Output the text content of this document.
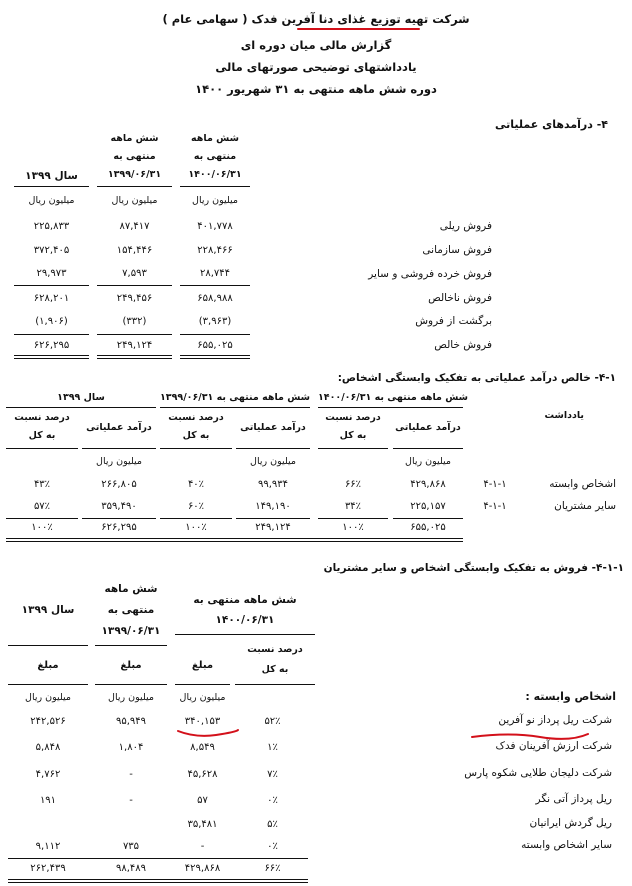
شرکت تهیه توزیع غذای دنا آفرین فدک ( سهامی عام )
گزارش مالی میان دوره ای
یادداشتهای توضیحی صورتهای مالی
دوره شش ماهه منتهی به ۳۱ شهریور ۱۴۰۰
۴- درآمدهای عملیاتی
شش ماهه
منتهی به
۱۴۰۰/۰۶/۳۱
شش ماهه
منتهی به
۱۳۹۹/۰۶/۳۱
سال ۱۳۹۹
میلیون ریال
میلیون ریال
میلیون ریال
فروش ریلی
۴۰۱,۷۷۸
۸۷,۴۱۷
۲۲۵,۸۳۳
فروش سازمانی
۲۲۸,۴۶۶
۱۵۴,۴۴۶
۳۷۲,۴۰۵
فروش خرده فروشی و سایر
۲۸,۷۴۴
۷,۵۹۳
۲۹,۹۷۳
فروش ناخالص
۶۵۸,۹۸۸
۲۴۹,۴۵۶
۶۲۸,۲۰۱
برگشت از فروش
(۳,۹۶۳)
(۳۳۲)
(۱,۹۰۶)
فروش خالص
۶۵۵,۰۲۵
۲۴۹,۱۲۴
۶۲۶,۲۹۵
۴-۱- خالص درآمد عملیاتی به تفکیک وابستگی اشخاص:
شش ماهه منتهی به ۱۴۰۰/۰۶/۳۱
شش ماهه منتهی به ۱۳۹۹/۰۶/۳۱
سال ۱۳۹۹
یادداشت
درآمد عملیاتی
درصد نسبت
به کل
درآمد عملیاتی
درصد نسبت
به کل
درآمد عملیاتی
درصد نسبت
به کل
میلیون ریال
میلیون ریال
میلیون ریال
اشخاص وابسته
۴-۱-۱
۴۲۹,۸۶۸
۶۶٪
۹۹,۹۳۴
۴۰٪
۲۶۶,۸۰۵
۴۳٪
سایر مشتریان
۴-۱-۱
۲۲۵,۱۵۷
۳۴٪
۱۴۹,۱۹۰
۶۰٪
۳۵۹,۴۹۰
۵۷٪
۶۵۵,۰۲۵
۱۰۰٪
۲۴۹,۱۲۴
۱۰۰٪
۶۲۶,۲۹۵
۱۰۰٪
۴-۱-۱- فروش به تفکیک وابستگی اشخاص و سایر مشتریان
شش ماهه منتهی به
۱۴۰۰/۰۶/۳۱
شش ماهه
منتهی به
۱۳۹۹/۰۶/۳۱
سال ۱۳۹۹
درصد نسبت
به کل
مبلغ
مبلغ
مبلغ
میلیون ریال
میلیون ریال
میلیون ریال	اشخاص وابسته :
شرکت ریل پرداز نو آفرین
۵۲٪
۳۴۰,۱۵۳
۹۵,۹۴۹
۲۴۲,۵۲۶
شرکت ارزش آفرینان فدک
۱٪
۸,۵۴۹
۱,۸۰۴
۵,۸۴۸
شرکت دلیجان طلایی شکوه پارس
۷٪
۴۵,۶۲۸
-
۴,۷۶۲
ریل پرداز آتی نگر
۰٪
۵۷
-
۱۹۱
ریل گردش ایرانیان
۵٪
۳۵,۴۸۱
سایر اشخاص وابسته
۰٪
-
۷۳۵
۹,۱۱۲
۶۶٪
۴۲۹,۸۶۸
۹۸,۴۸۹
۲۶۲,۴۳۹
